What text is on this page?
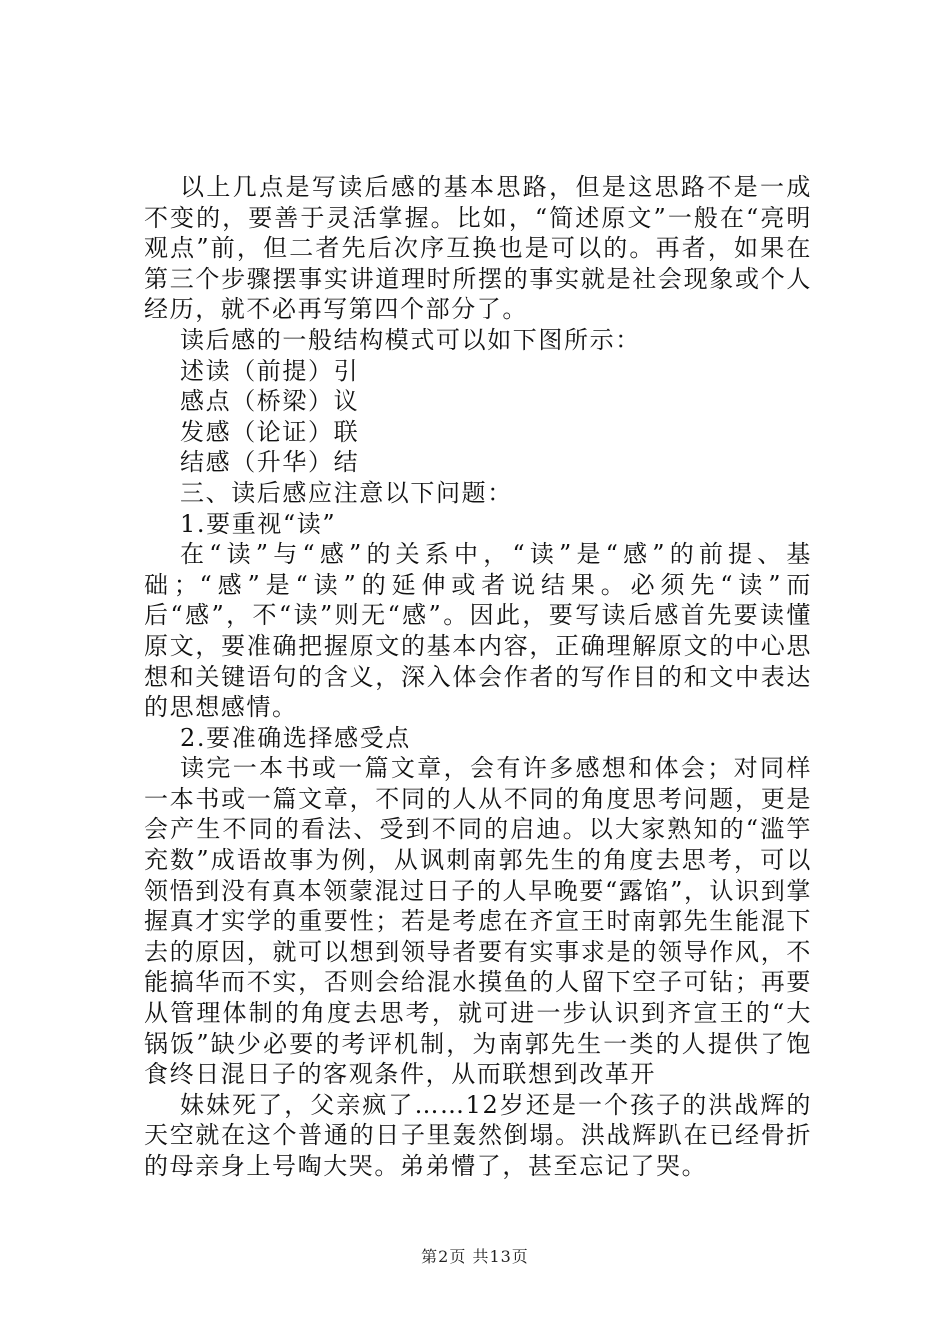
以上几点是写读后感的基本思路，但是这思路不是一成不变的，要善于灵活掌握。比如，“简述原文”一般在“亮明观点”前，但二者先后次序互换也是可以的。再者，如果在第三个步骤摆事实讲道理时所摆的事实就是社会现象或个人经历，就不必再写第四个部分了。

读后感的一般结构模式可以如下图所示：

述读（前提）引

感点（桥梁）议

发感（论证）联

结感（升华）结

三、读后感应注意以下问题：

1.要重视“读”

在“读”与“感”的关系中，“读”是“感”的前提、基础；“感”是“读”的延伸或者说结果。必须先“读”而后“感”，不“读”则无“感”。因此，要写读后感首先要读懂原文，要准确把握原文的基本内容，正确理解原文的中心思想和关键语句的含义，深入体会作者的写作目的和文中表达的思想感情。

2.要准确选择感受点

读完一本书或一篇文章，会有许多感想和体会；对同样一本书或一篇文章，不同的人从不同的角度思考问题，更是会产生不同的看法、受到不同的启迪。以大家熟知的“滥竽充数”成语故事为例，从讽刺南郭先生的角度去思考，可以领悟到没有真本领蒙混过日子的人早晚要“露馅”，认识到掌握真才实学的重要性；若是考虑在齐宣王时南郭先生能混下去的原因，就可以想到领导者要有实事求是的领导作风，不能搞华而不实，否则会给混水摸鱼的人留下空子可钻；再要从管理体制的角度去思考，就可进一步认识到齐宣王的“大锅饭”缺少必要的考评机制，为南郭先生一类的人提供了饱食终日混日子的客观条件，从而联想到改革开

妹妹死了，父亲疯了……12岁还是一个孩子的洪战辉的天空就在这个普通的日子里轰然倒塌。洪战辉趴在已经骨折的母亲身上号啕大哭。弟弟懵了，甚至忘记了哭。

第2页 共13页
